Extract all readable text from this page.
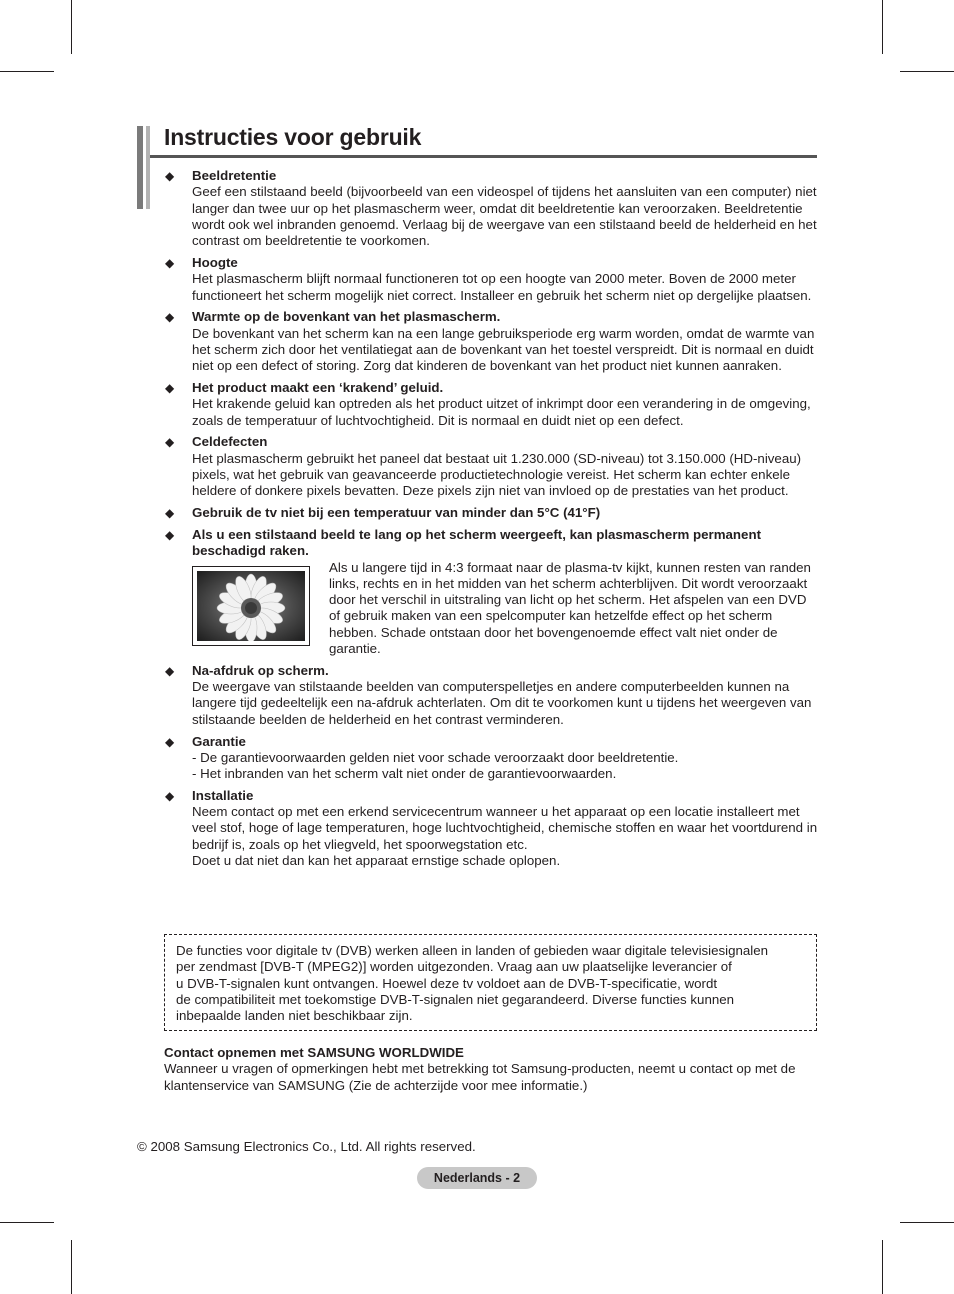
Instructies voor gebruik
◆ Beeldretentie
Geef een stilstaand beeld (bijvoorbeeld van een videospel of tijdens het aansluiten van een computer) niet langer dan twee uur op het plasmascherm weer, omdat dit beeldretentie kan veroorzaken. Beeldretentie wordt ook wel inbranden genoemd. Verlaag bij de weergave van een stilstaand beeld de helderheid en het contrast om beeldretentie te voorkomen.
◆ Hoogte
Het plasmascherm blijft normaal functioneren tot op een hoogte van 2000 meter. Boven de 2000 meter functioneert het scherm mogelijk niet correct. Installeer en gebruik het scherm niet op dergelijke plaatsen.
◆ Warmte op de bovenkant van het plasmascherm.
De bovenkant van het scherm kan na een lange gebruiksperiode erg warm worden, omdat de warmte van het scherm zich door het ventilatiegat aan de bovenkant van het toestel verspreidt. Dit is normaal en duidt niet op een defect of storing. Zorg dat kinderen de bovenkant van het product niet kunnen aanraken.
◆ Het product maakt een ‘krakend’ geluid.
Het krakende geluid kan optreden als het product uitzet of inkrimpt door een verandering in de omgeving, zoals de temperatuur of luchtvochtigheid. Dit is normaal en duidt niet op een defect.
◆ Celdefecten
Het plasmascherm gebruikt het paneel dat bestaat uit 1.230.000 (SD-niveau) tot 3.150.000 (HD-niveau) pixels, wat het gebruik van geavanceerde productietechnologie vereist. Het scherm kan echter enkele heldere of donkere pixels bevatten. Deze pixels zijn niet van invloed op de prestaties van het product.
◆ Gebruik de tv niet bij een temperatuur van minder dan 5°C (41°F)
◆ Als u een stilstaand beeld te lang op het scherm weergeeft, kan plasmascherm permanent beschadigd raken.
Als u langere tijd in 4:3 formaat naar de plasma-tv kijkt, kunnen resten van randen links, rechts en in het midden van het scherm achterblijven. Dit wordt veroorzaakt door het verschil in uitstraling van licht op het scherm. Het afspelen van een DVD of gebruik maken van een spelcomputer kan hetzelfde effect op het scherm hebben. Schade ontstaan door het bovengenoemde effect valt niet onder de garantie.
◆ Na-afdruk op scherm.
De weergave van stilstaande beelden van computerspelletjes en andere computerbeelden kunnen na langere tijd gedeeltelijk een na-afdruk achterlaten. Om dit te voorkomen kunt u tijdens het weergeven van stilstaande beelden de helderheid en het contrast verminderen.
◆ Garantie
- De garantievoorwaarden gelden niet voor schade veroorzaakt door beeldretentie.
- Het inbranden van het scherm valt niet onder de garantievoorwaarden.
◆ Installatie
Neem contact op met een erkend servicecentrum wanneer u het apparaat op een locatie installeert met veel stof, hoge of lage temperaturen, hoge luchtvochtigheid, chemische stoffen en waar het voortdurend in bedrijf is, zoals op het vliegveld, het spoorwegstation etc.
Doet u dat niet dan kan het apparaat ernstige schade oplopen.
De functies voor digitale tv (DVB) werken alleen in landen of gebieden waar digitale televisiesignalen
per zendmast [DVB-T (MPEG2)] worden uitgezonden. Vraag aan uw plaatselijke leverancier of
u DVB-T-signalen kunt ontvangen. Hoewel deze tv voldoet aan de DVB-T-specificatie, wordt
de compatibiliteit met toekomstige DVB-T-signalen niet gegarandeerd. Diverse functies kunnen
inbepaalde landen niet beschikbaar zijn.
Contact opnemen met SAMSUNG WORLDWIDE
Wanneer u vragen of opmerkingen hebt met betrekking tot Samsung-producten, neemt u contact op met de klantenservice van SAMSUNG (Zie de achterzijde voor mee informatie.)
© 2008 Samsung Electronics Co., Ltd. All rights reserved.
Nederlands - 2
